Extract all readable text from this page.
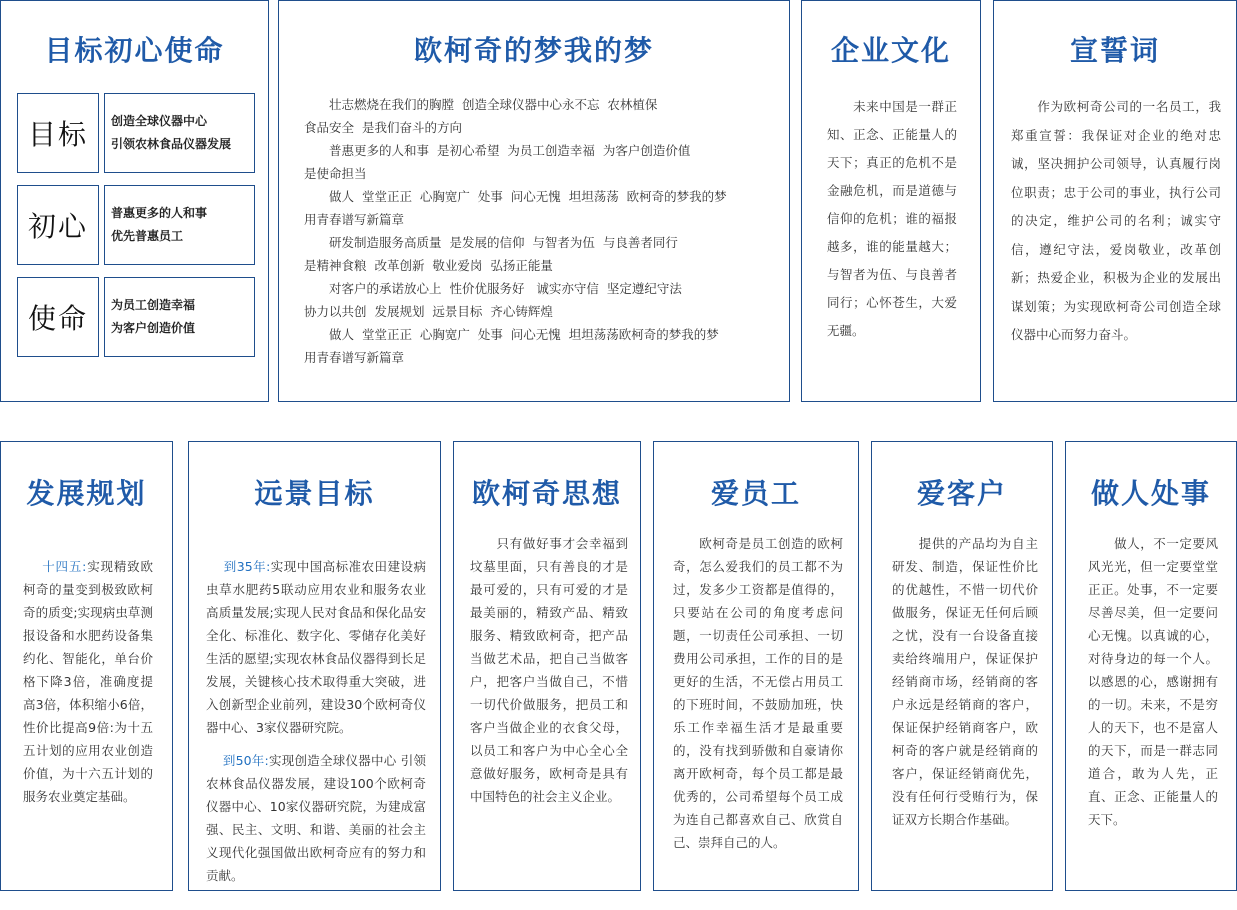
目标初心使命
目标	创造全球仪器中心
引领农林食品仪器发展
初心	普惠更多的人和事
优先普惠员工
使命	为员工创造幸福
为客户创造价值
欧柯奇的梦我的梦
　　壮志燃烧在我们的胸膛  创造全球仪器中心永不忘  农林植保
食品安全  是我们奋斗的方向
　　普惠更多的人和事  是初心希望  为员工创造幸福  为客户创造价值
是使命担当
　　做人  堂堂正正  心胸宽广  处事  问心无愧  坦坦荡荡  欧柯奇的梦我的梦
用青春谱写新篇章
　　研发制造服务高质量  是发展的信仰  与智者为伍  与良善者同行
是精神食粮  改革创新  敬业爱岗  弘扬正能量
　　对客户的承诺放心上  性价优服务好   诚实亦守信  坚定遵纪守法
协力以共创  发展规划  远景目标  齐心铸辉煌
　　做人  堂堂正正  心胸宽广  处事  问心无愧  坦坦荡荡欧柯奇的梦我的梦
用青春谱写新篇章
企业文化
　　未来中国是一群正知、正念、正能量人的天下；真正的危机不是金融危机，而是道德与信仰的危机；谁的福报越多，谁的能量越大；与智者为伍、与良善者同行；心怀苍生，大爱无疆。
宣誓词
　　作为欧柯奇公司的一名员工，我郑重宣誓：我保证对企业的绝对忠诚，坚决拥护公司领导，认真履行岗位职责；忠于公司的事业，执行公司的决定，维护公司的名利；诚实守信，遵纪守法，爱岗敬业，改革创新；热爱企业，积极为企业的发展出谋划策；为实现欧柯奇公司创造全球仪器中心而努力奋斗。
发展规划

十四五:实现精致欧柯奇的量变到极致欧柯奇的质变;实现病虫草测报设备和水肥药设备集约化、智能化，单台价格下降3倍，准确度提高3倍，体积缩小6倍，性价比提高9倍:为十五五计划的应用农业创造价值，为十六五计划的服务农业奠定基础。

远景目标

到35年:实现中国高标准农田建设病虫草水肥药5联动应用农业和服务农业高质量发展;实现人民对食品和保化品安全化、标准化、数字化、零储存化美好生活的愿望;实现农林食品仪器得到长足发展，关键核心技术取得重大突破，进入创新型企业前列，建设30个欧柯奇仪器中心、3家仪器研究院。

到50年:实现创造全球仪器中心 引领农林食品仪器发展，建设100个欧柯奇仪器中心、10家仪器研究院，为建成富强、民主、文明、和谐、美丽的社会主义现代化强国做出欧柯奇应有的努力和贡献。

欧柯奇思想
　　只有做好事才会幸福到坟墓里面，只有善良的才是最可爱的，只有可爱的才是最美丽的，精致产品、精致服务、精致欧柯奇，把产品当做艺术品，把自己当做客户，把客户当做自己，不惜一切代价做服务，把员工和客户当做企业的衣食父母，以员工和客户为中心全心全意做好服务，欧柯奇是具有中国特色的社会主义企业。
爱员工
　　欧柯奇是员工创造的欧柯奇，怎么爱我们的员工都不为过，发多少工资都是值得的，只要站在公司的角度考虑问题，一切责任公司承担、一切费用公司承担，工作的目的是更好的生活，不无偿占用员工的下班时间，不鼓励加班，快乐工作幸福生活才是最重要的，没有找到骄傲和自豪请你离开欧柯奇，每个员工都是最优秀的，公司希望每个员工成为连自己都喜欢自己、欣赏自己、崇拜自己的人。
爱客户
　　提供的产品均为自主研发、制造，保证性价比的优越性，不惜一切代价做服务，保证无任何后顾之忧，没有一台设备直接卖给终端用户，保证保护经销商市场，经销商的客户永远是经销商的客户，保证保护经销商客户，欧柯奇的客户就是经销商的客户，保证经销商优先，没有任何行受贿行为，保证双方长期合作基础。
做人处事
　　做人，不一定要风风光光，但一定要堂堂正正。处事，不一定要尽善尽美，但一定要问心无愧。以真诚的心，对待身边的每一个人。以感恩的心，感谢拥有的一切。未来，不是穷人的天下，也不是富人的天下，而是一群志同道合，敢为人先，正直、正念、正能量人的天下。
